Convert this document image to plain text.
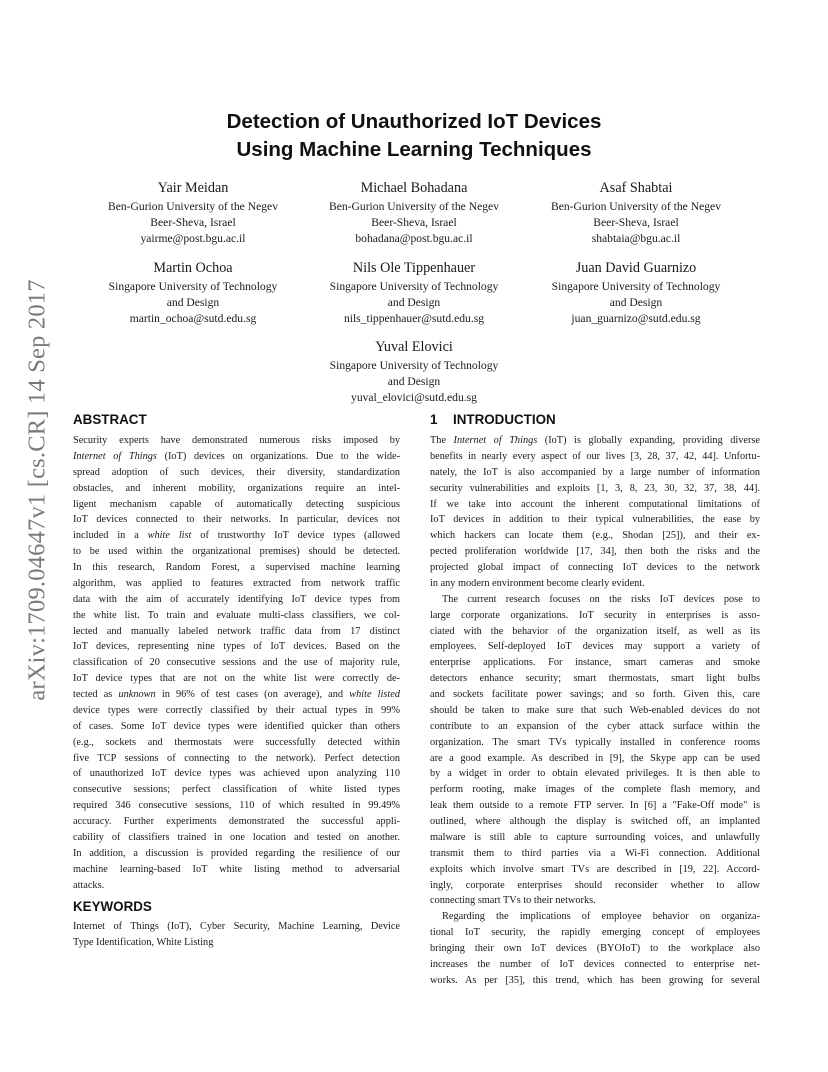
arXiv:1709.04647v1 [cs.CR] 14 Sep 2017
Detection of Unauthorized IoT Devices
Using Machine Learning Techniques
Yair Meidan
Ben-Gurion University of the Negev
Beer-Sheva, Israel
yairme@post.bgu.ac.il
Michael Bohadana
Ben-Gurion University of the Negev
Beer-Sheva, Israel
bohadana@post.bgu.ac.il
Asaf Shabtai
Ben-Gurion University of the Negev
Beer-Sheva, Israel
shabtaia@bgu.ac.il
Martin Ochoa
Singapore University of Technology
and Design
martin_ochoa@sutd.edu.sg
Nils Ole Tippenhauer
Singapore University of Technology
and Design
nils_tippenhauer@sutd.edu.sg
Juan David Guarnizo
Singapore University of Technology
and Design
juan_guarnizo@sutd.edu.sg
Yuval Elovici
Singapore University of Technology
and Design
yuval_elovici@sutd.edu.sg
ABSTRACT
Security experts have demonstrated numerous risks imposed by
Internet of Things (IoT) devices on organizations. Due to the wide-
spread adoption of such devices, their diversity, standardization
obstacles, and inherent mobility, organizations require an intel-
ligent mechanism capable of automatically detecting suspicious
IoT devices connected to their networks. In particular, devices not
included in a white list of trustworthy IoT device types (allowed
to be used within the organizational premises) should be detected.
In this research, Random Forest, a supervised machine learning
algorithm, was applied to features extracted from network traffic
data with the aim of accurately identifying IoT device types from
the white list. To train and evaluate multi-class classifiers, we col-
lected and manually labeled network traffic data from 17 distinct
IoT devices, representing nine types of IoT devices. Based on the
classification of 20 consecutive sessions and the use of majority rule,
IoT device types that are not on the white list were correctly de-
tected as unknown in 96% of test cases (on average), and white listed
device types were correctly classified by their actual types in 99%
of cases. Some IoT device types were identified quicker than others
(e.g., sockets and thermostats were successfully detected within
five TCP sessions of connecting to the network). Perfect detection
of unauthorized IoT device types was achieved upon analyzing 110
consecutive sessions; perfect classification of white listed types
required 346 consecutive sessions, 110 of which resulted in 99.49%
accuracy. Further experiments demonstrated the successful appli-
cability of classifiers trained in one location and tested on another.
In addition, a discussion is provided regarding the resilience of our
machine learning-based IoT white listing method to adversarial
attacks.
KEYWORDS
Internet of Things (IoT), Cyber Security, Machine Learning, Device
Type Identification, White Listing
1 INTRODUCTION
The Internet of Things (IoT) is globally expanding, providing diverse
benefits in nearly every aspect of our lives [3, 28, 37, 42, 44]. Unfortu-
nately, the IoT is also accompanied by a large number of information
security vulnerabilities and exploits [1, 3, 8, 23, 30, 32, 37, 38, 44].
If we take into account the inherent computational limitations of
IoT devices in addition to their typical vulnerabilities, the ease by
which hackers can locate them (e.g., Shodan [25]), and their ex-
pected proliferation worldwide [17, 34], then both the risks and the
projected global impact of connecting IoT devices to the network
in any modern environment become clearly evident.
The current research focuses on the risks IoT devices pose to
large corporate organizations. IoT security in enterprises is asso-
ciated with the behavior of the organization itself, as well as its
employees. Self-deployed IoT devices may support a variety of
enterprise applications. For instance, smart cameras and smoke
detectors enhance security; smart thermostats, smart light bulbs
and sockets facilitate power savings; and so forth. Given this, care
should be taken to make sure that such Web-enabled devices do not
contribute to an expansion of the cyber attack surface within the
organization. The smart TVs typically installed in conference rooms
are a good example. As described in [9], the Skype app can be used
by a widget in order to obtain elevated privileges. It is then able to
perform rooting, make images of the complete flash memory, and
leak them outside to a remote FTP server. In [6] a "Fake-Off mode" is
outlined, where although the display is switched off, an implanted
malware is still able to capture surrounding voices, and unlawfully
transmit them to third parties via a Wi-Fi connection. Additional
exploits which involve smart TVs are described in [19, 22]. Accord-
ingly, corporate enterprises should reconsider whether to allow
connecting smart TVs to their networks.
Regarding the implications of employee behavior on organiza-
tional IoT security, the rapidly emerging concept of employees
bringing their own IoT devices (BYOIoT) to the workplace also
increases the number of IoT devices connected to enterprise net-
works. As per [35], this trend, which has been growing for several
